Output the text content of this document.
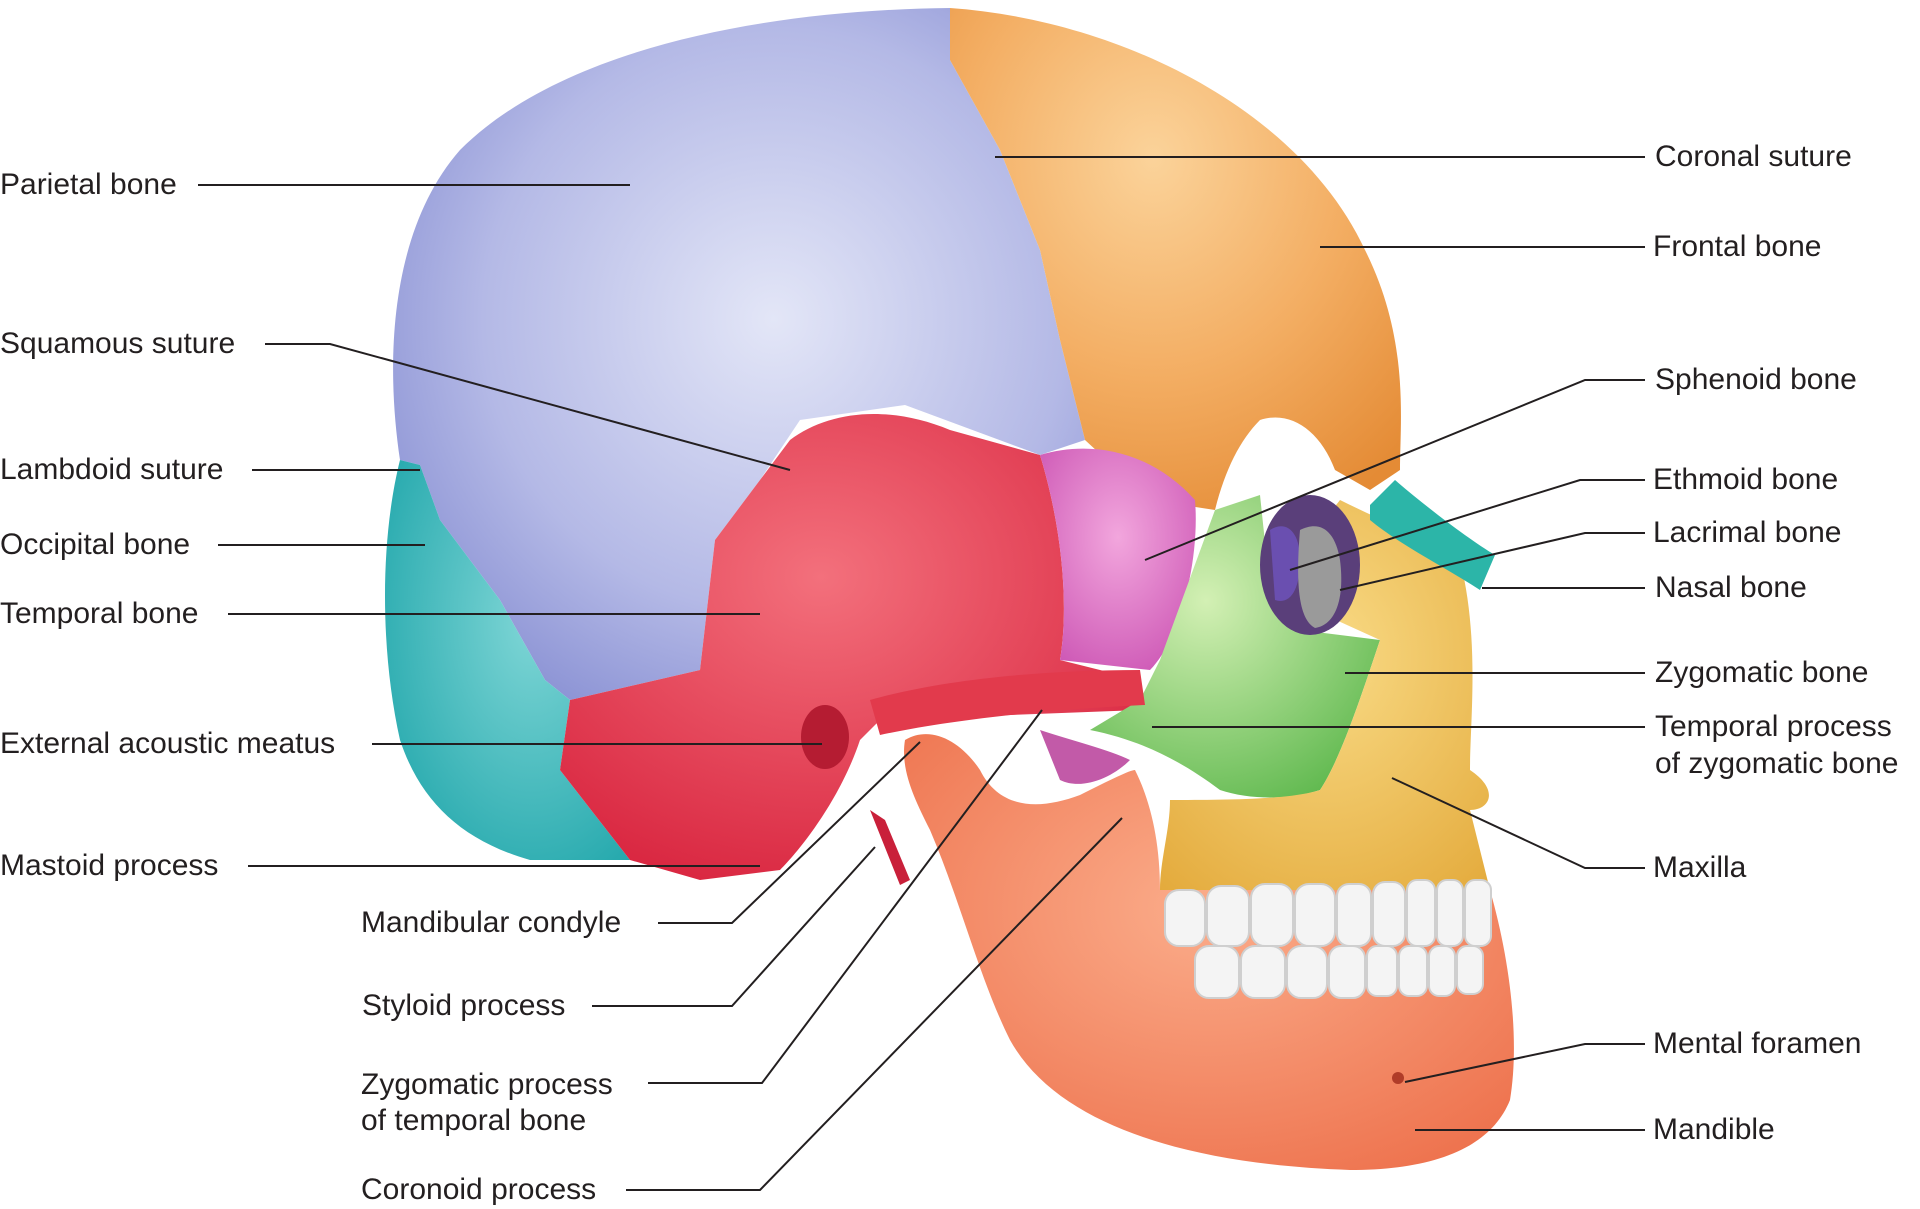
Parietal bone
Squamous suture
Lambdoid suture
Occipital bone
Temporal bone
External acoustic meatus
Mastoid process
Mandibular condyle
Styloid process
Zygomatic process
of temporal bone
Coronoid process
Coronal suture
Frontal bone
Sphenoid bone
Ethmoid bone
Lacrimal bone
Nasal bone
Zygomatic bone
Temporal process
of zygomatic bone
Maxilla
Mental foramen
Mandible
